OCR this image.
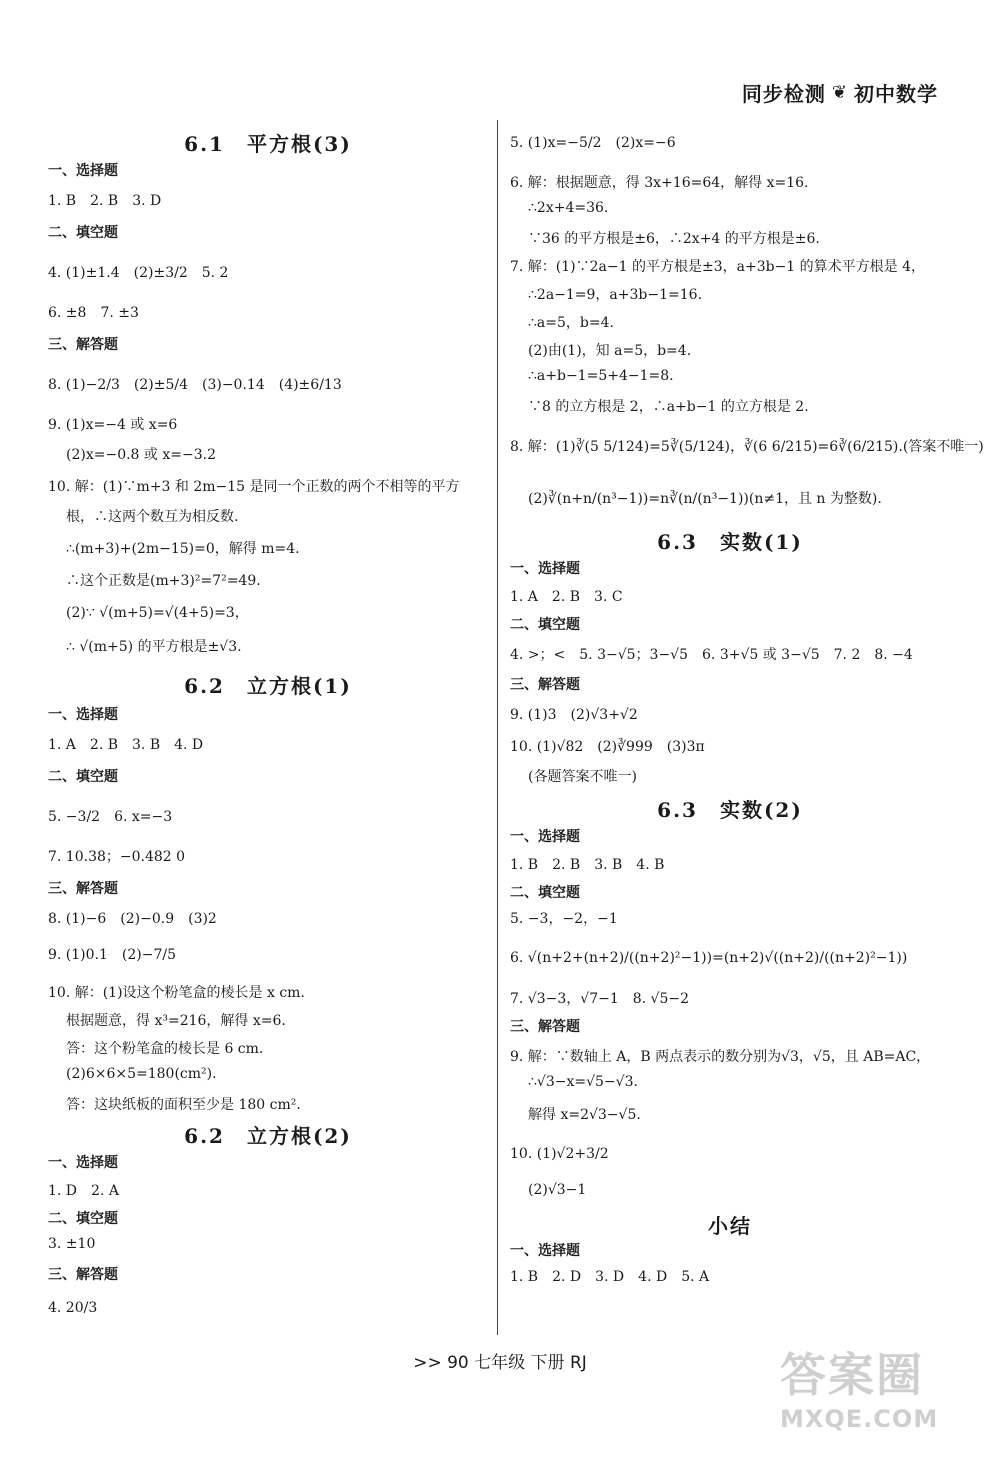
同步检测 ❦ 初中数学
6.1　平方根(3)
一、选择题
1. B　2. B　3. D
二、填空题
4. (1)±1.4　(2)±3/2　5. 2
6. ±8　7. ±3
三、解答题
8. (1)−2/3　(2)±5/4　(3)−0.14　(4)±6/13
9. (1)x=−4 或 x=6
(2)x=−0.8 或 x=−3.2
10. 解：(1)∵m+3 和 2m−15 是同一个正数的两个不相等的平方
根，∴这两个数互为相反数.
∴(m+3)+(2m−15)=0，解得 m=4.
∴这个正数是(m+3)²=7²=49.
(2)∵ √(m+5)=√(4+5)=3，
∴ √(m+5) 的平方根是±√3.
6.2　立方根(1)
一、选择题
1. A　2. B　3. B　4. D
二、填空题
5. −3/2　6. x=−3
7. 10.38；−0.482 0
三、解答题
8. (1)−6　(2)−0.9　(3)2
9. (1)0.1　(2)−7/5
10. 解：(1)设这个粉笔盒的棱长是 x cm.
根据题意，得 x³=216，解得 x=6.
答：这个粉笔盒的棱长是 6 cm.
(2)6×6×5=180(cm²).
答：这块纸板的面积至少是 180 cm².
6.2　立方根(2)
一、选择题
1. D　2. A
二、填空题
3. ±10
三、解答题
4. 20/3
5. (1)x=−5/2　(2)x=−6
6. 解：根据题意，得 3x+16=64，解得 x=16.
∴2x+4=36.
∵36 的平方根是±6，∴2x+4 的平方根是±6.
7. 解：(1)∵2a−1 的平方根是±3，a+3b−1 的算术平方根是 4，
∴2a−1=9，a+3b−1=16.
∴a=5，b=4.
(2)由(1)，知 a=5，b=4.
∴a+b−1=5+4−1=8.
∵8 的立方根是 2，∴a+b−1 的立方根是 2.
8. 解：(1)∛(5 5/124)=5∛(5/124)，∛(6 6/215)=6∛(6/215).(答案不唯一)
(2)∛(n+n/(n³−1))=n∛(n/(n³−1))(n≠1，且 n 为整数).
6.3　实数(1)
一、选择题
1. A　2. B　3. C
二、填空题
4. >；<　5. 3−√5；3−√5　6. 3+√5 或 3−√5　7. 2　8. −4
三、解答题
9. (1)3　(2)√3+√2
10. (1)√82　(2)∛999　(3)3π
(各题答案不唯一)
6.3　实数(2)
一、选择题
1. B　2. B　3. B　4. B
二、填空题
5. −3，−2，−1
6. √(n+2+(n+2)/((n+2)²−1))=(n+2)√((n+2)/((n+2)²−1))
7. √3−3，√7−1　8. √5−2
三、解答题
9. 解：∵数轴上 A，B 两点表示的数分别为√3，√5，且 AB=AC，
∴√3−x=√5−√3.
解得 x=2√3−√5.
10. (1)√2+3/2
(2)√3−1
小结
一、选择题
1. B　2. D　3. D　4. D　5. A
>> 90 七年级 下册 RJ	答案圈
MXQE.COM
